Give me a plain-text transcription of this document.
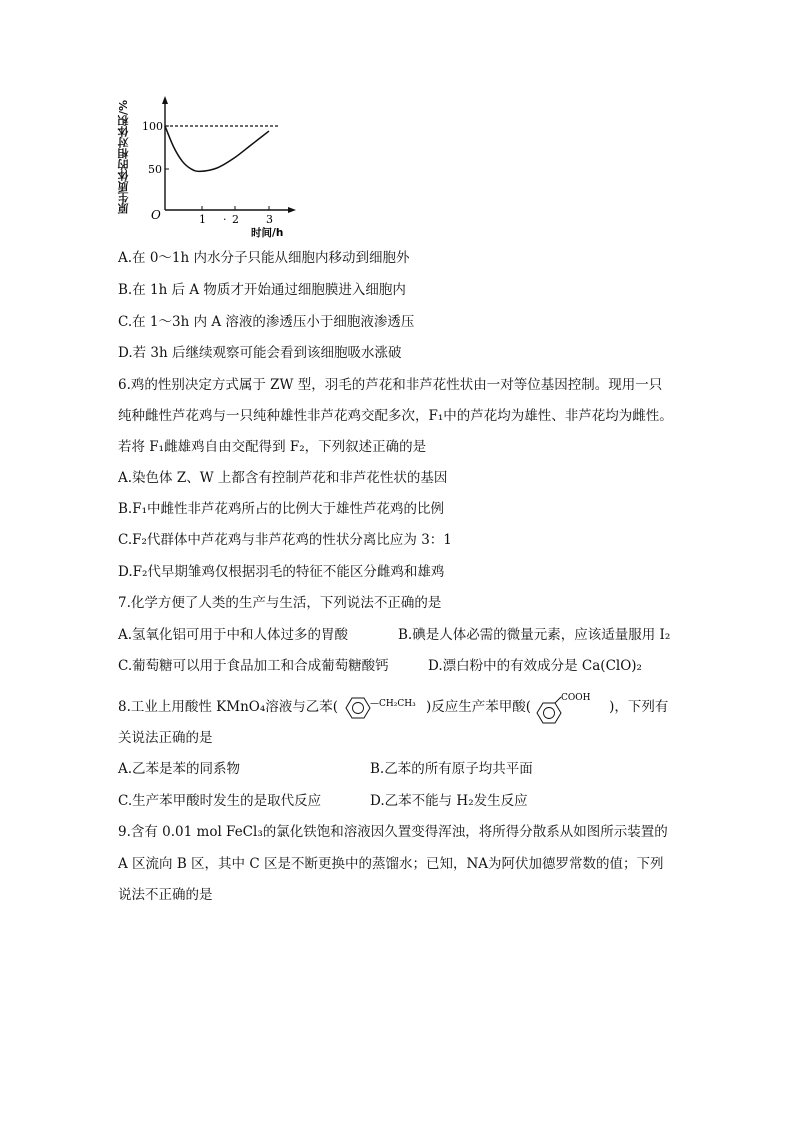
原生质体的相对体积/%	100
50
O	1 · 2 3
时间/h
A.在 0～1h 内水分子只能从细胞内移动到细胞外
B.在 1h 后 A 物质才开始通过细胞膜进入细胞内
C.在 1～3h 内 A 溶液的渗透压小于细胞液渗透压
D.若 3h 后继续观察可能会看到该细胞吸水涨破
6.鸡的性别决定方式属于 ZW 型，羽毛的芦花和非芦花性状由一对等位基因控制。现用一只
纯种雌性芦花鸡与一只纯种雄性非芦花鸡交配多次，F₁中的芦花均为雄性、非芦花均为雌性。
若将 F₁雌雄鸡自由交配得到 F₂，下列叙述正确的是
A.染色体 Z、W 上都含有控制芦花和非芦花性状的基因
B.F₁中雌性非芦花鸡所占的比例大于雄性芦花鸡的比例
C.F₂代群体中芦花鸡与非芦花鸡的性状分离比应为 3：1
D.F₂代早期雏鸡仅根据羽毛的特征不能区分雌鸡和雄鸡
7.化学方便了人类的生产与生活，下列说法不正确的是
A.氢氧化铝可用于中和人体过多的胃酸	B.碘是人体必需的微量元素，应该适量服用 I₂
C.葡萄糖可以用于食品加工和合成葡萄糖酸钙	D.漂白粉中的有效成分是 Ca(ClO)₂
8.工业上用酸性 KMnO₄溶液与乙苯(	—CH₂CH₃ )反应生产苯甲酸(
COOH
)，下列有
关说法正确的是
A.乙苯是苯的同系物	B.乙苯的所有原子均共平面
C.生产苯甲酸时发生的是取代反应	D.乙苯不能与 H₂发生反应
9.含有 0.01 mol FeCl₃的氯化铁饱和溶液因久置变得浑浊，将所得分散系从如图所示装置的
A 区流向 B 区，其中 C 区是不断更换中的蒸馏水；已知，NA为阿伏加德罗常数的值；下列
说法不正确的是
